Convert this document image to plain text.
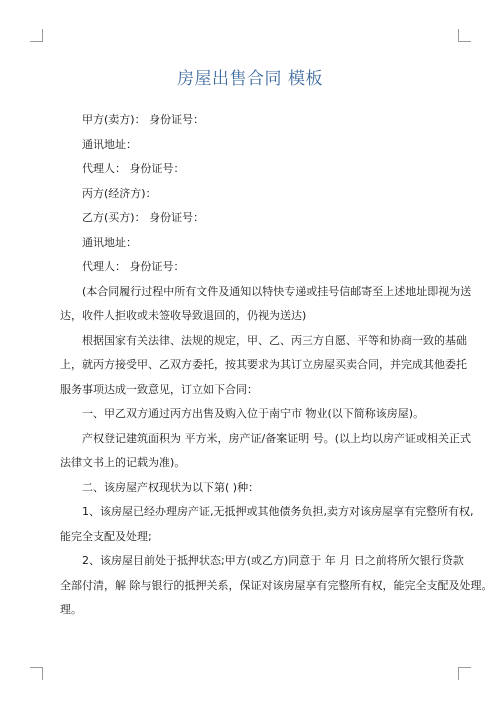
房屋出售合同 模板
甲方(卖方)： 身份证号：
通讯地址：
代理人： 身份证号：
丙方(经济方)：
乙方(买方)： 身份证号：
通讯地址：
代理人： 身份证号：
(本合同履行过程中所有文件及通知以特快专递或挂号信邮寄至上述地址即视为送
达，收件人拒收或未签收导致退回的，仍视为送达)
根据国家有关法律、法规的规定，甲、乙、丙三方自愿、平等和协商一致的基础
上，就丙方接受甲、乙双方委托，按其要求为其订立房屋买卖合同，并完成其他委托
服务事项达成一致意见，订立如下合同：
一、甲乙双方通过丙方出售及购入位于南宁市 物业(以下简称该房屋)。
产权登记建筑面积为 平方米，房产证/备案证明 号。(以上均以房产证或相关正式
法律文书上的记载为准)。
二、该房屋产权现状为以下第( )种：
1、该房屋已经办理房产证,无抵押或其他债务负担,卖方对该房屋享有完整所有权,
能完全支配及处理;
2、该房屋目前处于抵押状态;甲方(或乙方)同意于 年 月 日之前将所欠银行贷款
全部付清，解 除与银行的抵押关系，保证对该房屋享有完整所有权，能完全支配及处理。
理。
